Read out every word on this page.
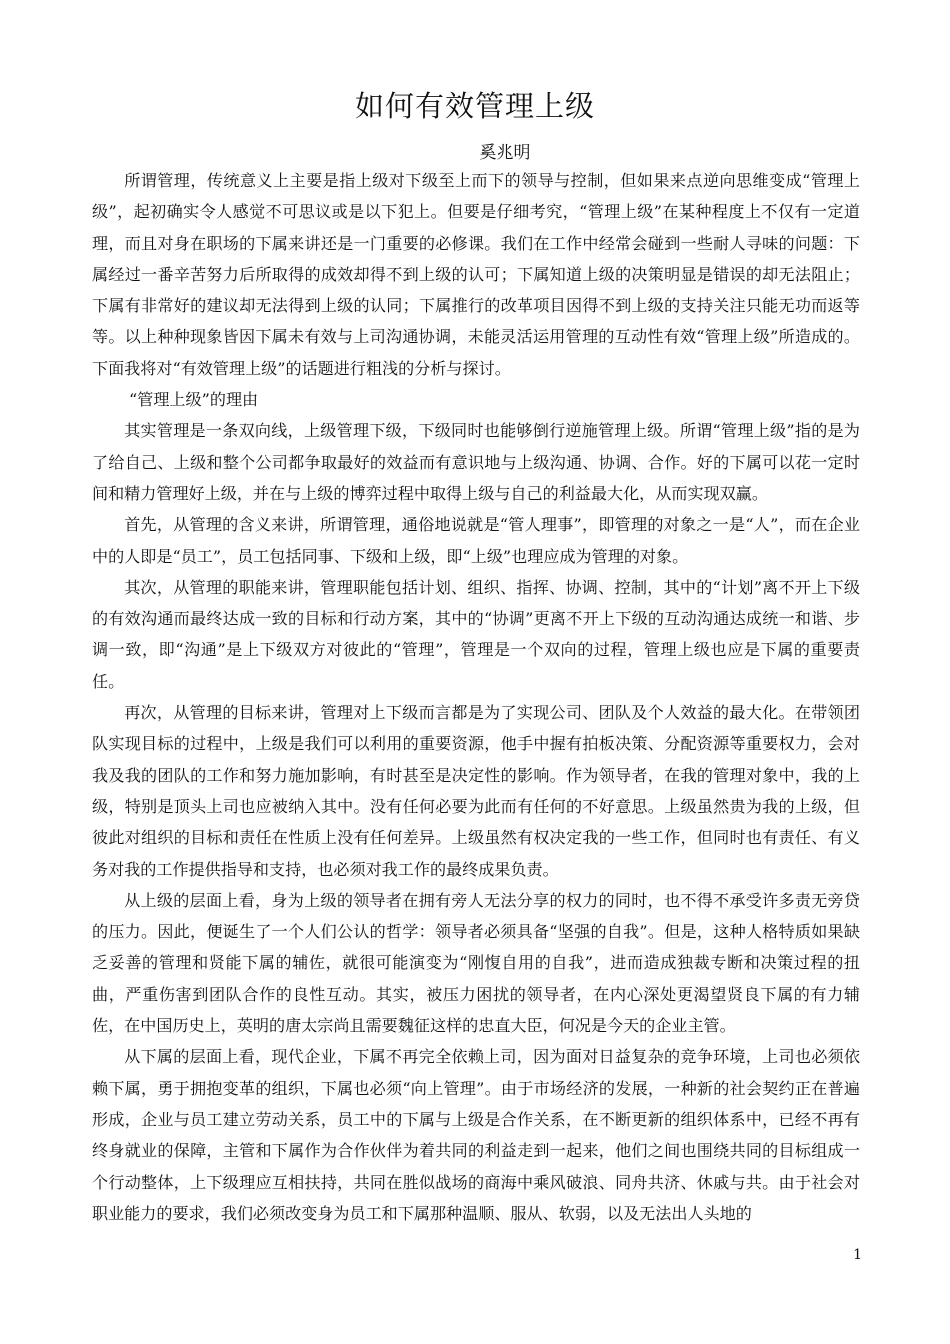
如何有效管理上级
奚兆明

所谓管理，传统意义上主要是指上级对下级至上而下的领导与控制，但如果来点逆向思维变成“管理上级”，起初确实令人感觉不可思议或是以下犯上。但要是仔细考究，“管理上级”在某种程度上不仅有一定道理，而且对身在职场的下属来讲还是一门重要的必修课。我们在工作中经常会碰到一些耐人寻味的问题：下属经过一番辛苦努力后所取得的成效却得不到上级的认可；下属知道上级的决策明显是错误的却无法阻止；下属有非常好的建议却无法得到上级的认同；下属推行的改革项目因得不到上级的支持关注只能无功而返等等。以上种种现象皆因下属未有效与上司沟通协调，未能灵活运用管理的互动性有效“管理上级”所造成的。下面我将对“有效管理上级”的话题进行粗浅的分析与探讨。

“管理上级”的理由

其实管理是一条双向线，上级管理下级，下级同时也能够倒行逆施管理上级。所谓“管理上级”指的是为了给自己、上级和整个公司都争取最好的效益而有意识地与上级沟通、协调、合作。好的下属可以花一定时间和精力管理好上级，并在与上级的博弈过程中取得上级与自己的利益最大化，从而实现双赢。

首先，从管理的含义来讲，所谓管理，通俗地说就是“管人理事”，即管理的对象之一是“人”，而在企业中的人即是“员工”，员工包括同事、下级和上级，即“上级”也理应成为管理的对象。

其次，从管理的职能来讲，管理职能包括计划、组织、指挥、协调、控制，其中的“计划”离不开上下级的有效沟通而最终达成一致的目标和行动方案，其中的“协调”更离不开上下级的互动沟通达成统一和谐、步调一致，即“沟通”是上下级双方对彼此的“管理”，管理是一个双向的过程，管理上级也应是下属的重要责任。

再次，从管理的目标来讲，管理对上下级而言都是为了实现公司、团队及个人效益的最大化。在带领团队实现目标的过程中，上级是我们可以利用的重要资源，他手中握有拍板决策、分配资源等重要权力，会对我及我的团队的工作和努力施加影响，有时甚至是决定性的影响。作为领导者，在我的管理对象中，我的上级，特别是顶头上司也应被纳入其中。没有任何必要为此而有任何的不好意思。上级虽然贵为我的上级，但彼此对组织的目标和责任在性质上没有任何差异。上级虽然有权决定我的一些工作，但同时也有责任、有义务对我的工作提供指导和支持，也必须对我工作的最终成果负责。

从上级的层面上看，身为上级的领导者在拥有旁人无法分享的权力的同时，也不得不承受许多责无旁贷的压力。因此，便诞生了一个人们公认的哲学：领导者必须具备“坚强的自我”。但是，这种人格特质如果缺乏妥善的管理和贤能下属的辅佐，就很可能演变为“刚愎自用的自我”，进而造成独裁专断和决策过程的扭曲，严重伤害到团队合作的良性互动。其实，被压力困扰的领导者，在内心深处更渴望贤良下属的有力辅佐，在中国历史上，英明的唐太宗尚且需要魏征这样的忠直大臣，何况是今天的企业主管。

从下属的层面上看，现代企业，下属不再完全依赖上司，因为面对日益复杂的竞争环境，上司也必须依赖下属，勇于拥抱变革的组织，下属也必须“向上管理”。由于市场经济的发展，一种新的社会契约正在普遍形成，企业与员工建立劳动关系，员工中的下属与上级是合作关系，在不断更新的组织体系中，已经不再有终身就业的保障，主管和下属作为合作伙伴为着共同的利益走到一起来，他们之间也围绕共同的目标组成一个行动整体，上下级理应互相扶持，共同在胜似战场的商海中乘风破浪、同舟共济、休戚与共。由于社会对职业能力的要求，我们必须改变身为员工和下属那种温顺、服从、软弱，以及无法出人头地的

1
